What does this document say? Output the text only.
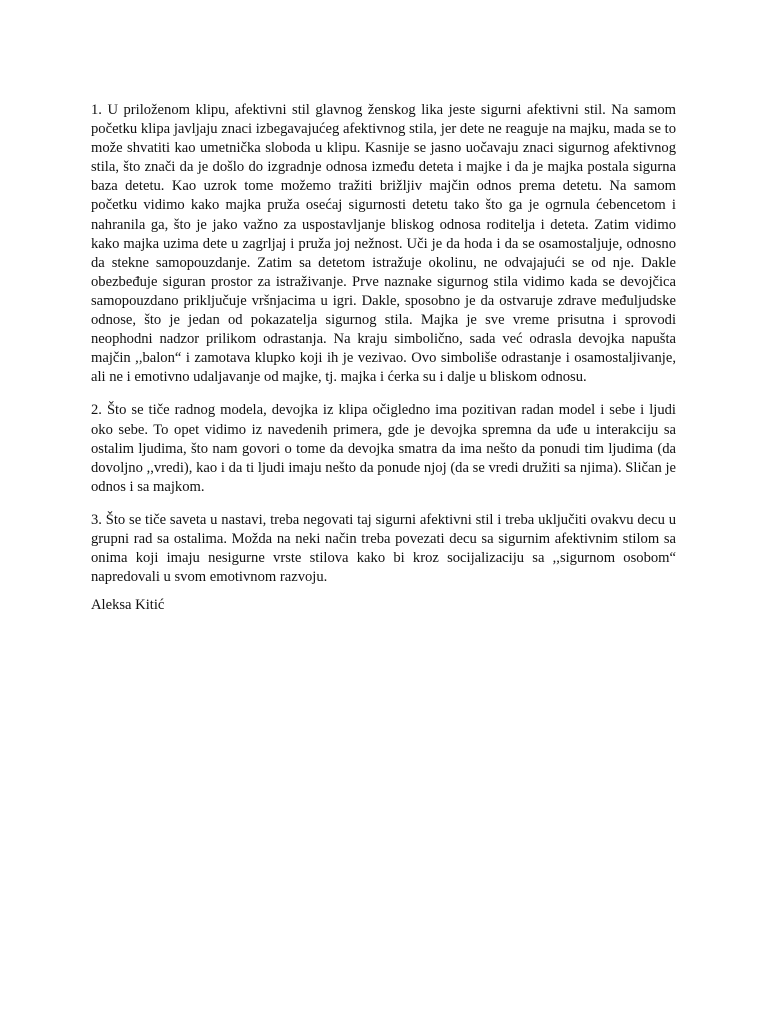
1. U priloženom klipu, afektivni stil glavnog ženskog lika jeste sigurni afektivni stil. Na samom početku klipa javljaju znaci izbegavajućeg afektivnog stila, jer dete ne reaguje na majku, mada se to može shvatiti kao umetnička sloboda u klipu. Kasnije se jasno uočavaju znaci sigurnog afektivnog stila, što znači da je došlo do izgradnje odnosa između deteta i majke i da je majka postala sigurna baza detetu. Kao uzrok tome možemo tražiti brižljiv majčin odnos prema detetu. Na samom početku vidimo kako majka pruža osećaj sigurnosti detetu tako što ga je ogrnula ćebencetom i nahranila ga, što je jako važno za uspostavljanje bliskog odnosa roditelja i deteta. Zatim vidimo kako majka uzima dete u zagrljaj i pruža joj nežnost. Uči je da hoda i da se osamostaljuje, odnosno da stekne samopouzdanje. Zatim sa detetom istražuje okolinu, ne odvajajući se od nje. Dakle obezbeđuje siguran prostor za istraživanje. Prve naznake sigurnog stila vidimo kada se devojčica samopouzdano priključuje vršnjacima u igri. Dakle, sposobno je da ostvaruje zdrave međuljudske odnose, što je jedan od pokazatelja sigurnog stila. Majka je sve vreme prisutna i sprovodi neophodni nadzor prilikom odrastanja. Na kraju simbolično, sada već odrasla devojka napušta majčin ,,balon“ i zamotava klupko koji ih je vezivao. Ovo simboliše odrastanje i osamostaljivanje, ali ne i emotivno udaljavanje od majke, tj. majka i ćerka su i dalje u bliskom odnosu.

2. Što se tiče radnog modela, devojka iz klipa očigledno ima pozitivan radan model i sebe i ljudi oko sebe. To opet vidimo iz navedenih primera, gde je devojka spremna da uđe u interakciju sa ostalim ljudima, što nam govori o tome da devojka smatra da ima nešto da ponudi tim ljudima (da dovoljno ,,vredi), kao i da ti ljudi imaju nešto da ponude njoj (da se vredi družiti sa njima). Sličan je odnos i sa majkom.

3. Što se tiče saveta u nastavi, treba negovati taj sigurni afektivni stil i treba uključiti ovakvu decu u grupni rad sa ostalima. Možda na neki način treba povezati decu sa sigurnim afektivnim stilom sa onima koji imaju nesigurne vrste stilova kako bi kroz socijalizaciju sa ,,sigurnom osobom“ napredovali u svom emotivnom razvoju.

Aleksa Kitić
